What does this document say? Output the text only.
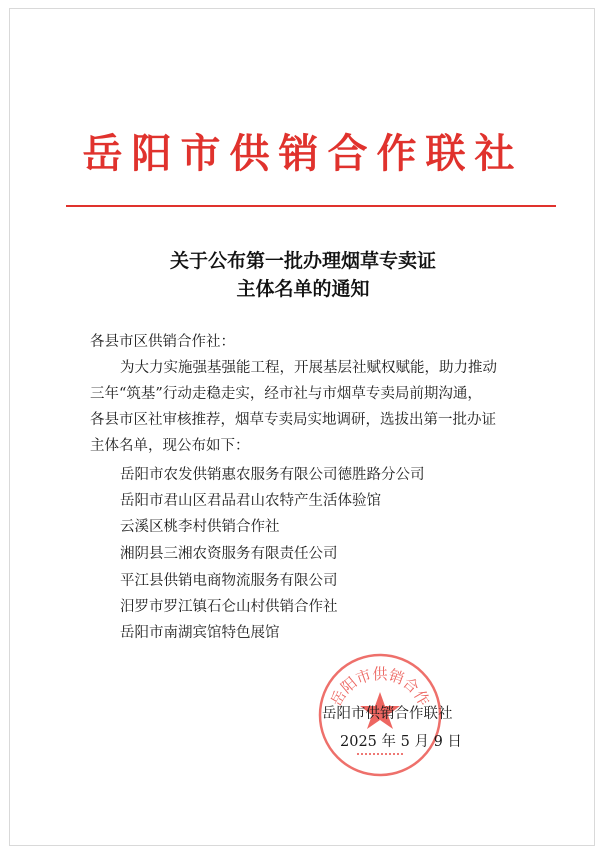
岳阳市供销合作联社
关于公布第一批办理烟草专卖证
主体名单的通知
各县市区供销合作社：
为大力实施强基强能工程，开展基层社赋权赋能，助力推动
三年“筑基”行动走稳走实，经市社与市烟草专卖局前期沟通，
各县市区社审核推荐，烟草专卖局实地调研，选拔出第一批办证
主体名单，现公布如下：
岳阳市农发供销惠农服务有限公司德胜路分公司
岳阳市君山区君品君山农特产生活体验馆
云溪区桃李村供销合作社
湘阴县三湘农资服务有限责任公司
平江县供销电商物流服务有限公司
汨罗市罗江镇石仑山村供销合作社
岳阳市南湖宾馆特色展馆
岳阳市供销合作
岳阳市供销合作联社
2025 年 5 月 9 日
